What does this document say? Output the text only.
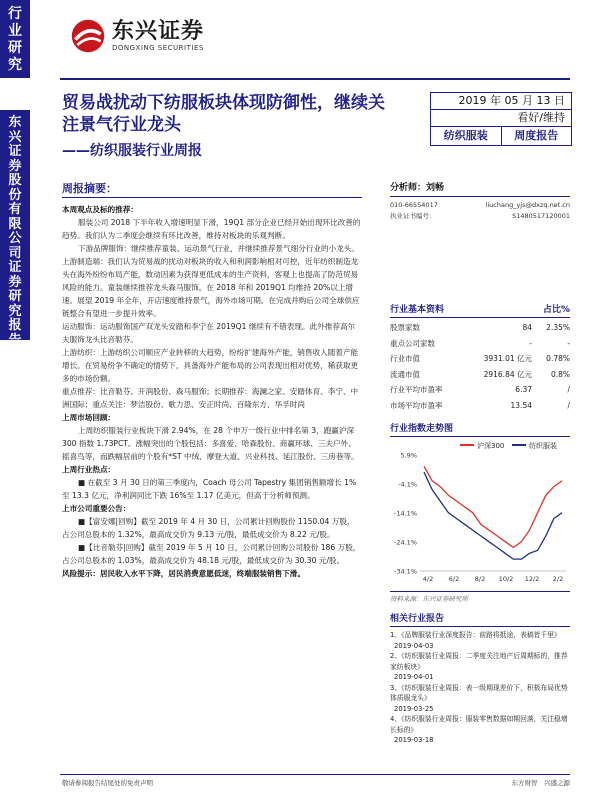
行业研究
东兴证券股份有限公司证券研究报告
东兴证券
DONGXING SECURITIES
贸易战扰动下纺服板块体现防御性，继续关注景气行业龙头
——纺织服装行业周报
2019 年 05 月 13 日
看好/维持
纺织服装	周度报告
周报摘要：

本周观点及标的推荐：

服装公司 2018 下半年收入增速明显下滑，19Q1 部分企业已经开始出现环比改善的趋势。我们认为二季度会继续有环比改善，维持对板块的乐观判断。

下游品牌服饰：继续推荐童装、运动景气行业，并继续推荐景气细分行业的小龙头。上游制造端：我们认为贸易战的扰动对板块的收入和利润影响相对可控，近年纺织制造龙头在海外纷纷布局产能，数动因素为获得更低成本的生产资料，客观上也提高了防范贸易风险的能力。童装继续推荐龙头森马服饰。在 2018 年和 2019Q1 均维持 20%以上增速。展望 2019 年全年，开店速度维持景气，海外市场可期。在完成并购后公司全球供应链整合有望进一步提升效率。

运动服饰：运动服饰国产双龙头安踏和李宁在 2019Q1 继续有不错表现。此外推荐高尔夫服饰龙头比音勒芬。

上游纺织：上游纺织公司顺应产业转移的大趋势，纷纷扩建海外产能，销售收入随着产能增长。在贸易纷争不确定的情势下，具备海外产能布局的公司表现出相对优势，稀获取更多的市场份额。

重点推荐：比音勒芬、开润股份、森马服饰；长期推荐：海澜之家、安踏体育、李宁、中洲国际；重点关注：梦洁股份、歌力思、安正时尚、百隆东方、华孚时尚

上周市场回顾：

上周纺织服装行业板块下滑 2.94%，在 28 个申万一级行业中排名第 3，跑赢沪深 300 指数 1.73PCT。涨幅突出的个股包括：多喜爱、哈森股份、商赢环球、三夫户外、摇喜鸟等，而跌幅居前的个股有*ST 中绒、摩登大道、兴业科技、延江股份、三房巷等。

上周行业热点：

■ 在截至 3 月 30 日的第三季度内，Coach 母公司 Tapestry 集团销售额增长 1%至 13.3 亿元，净利润同比下跌 16%至 1.17 亿美元，但高于分析师预测。

上市公司重要公告：

■【富安娜|回购】截至 2019 年 4 月 30 日，公司累计回购股份 1150.04 万股，占公司总股本的 1.32%，最高成交价为 9.13 元/股，最低成交价为 8.22 元/股。

■【比音勒芬|回购】截至 2019 年 5 月 10 日，公司累计回购公司股份 186 万股，占公司总股本的 1.03%，最高成交价为 48.18 元/股，最低成交价为 30.30 元/股。

风险提示：居民收入水平下降，居民消费意愿低迷，终端服装销售下滑。

分析师：刘畅
010-66554017	liuchang_yjs@dxzq.net.cn
执业证书编号：	S1480517120001
行业基本资料	占比%
股票家数	84	2.35%
重点公司家数	-	-
行业市值	3931.01 亿元	0.78%
流通市值	2916.84 亿元	0.8%
行业平均市盈率	6.37	/
市场平均市盈率	13.54	/
行业指数走势图
沪深300	纺织服装
5.9%
-4.1%
-14.1%
-24.1%
-34.1%
4/2 6/2 8/2 10/2 12/2 2/2
资料来源：东兴证券研究所
相关行业报告
1、《品牌服装行业深度报告：前路将抵途，表稿皆千里》
2019-04-03
2、《纺织服装行业周报：二季度关注地产后周期标的，推荐家纺板块》
2019-04-01
3、《纺织服装行业周报：表一级期现差价下，积极布局优势体质服龙头》
2019-03-25
4、《纺织服装行业周报：服装零售数据如期回落，关注稳增长标的》
2019-03-18
敬请参阅报告结尾处的免责声明	东方财智　兴盛之源
